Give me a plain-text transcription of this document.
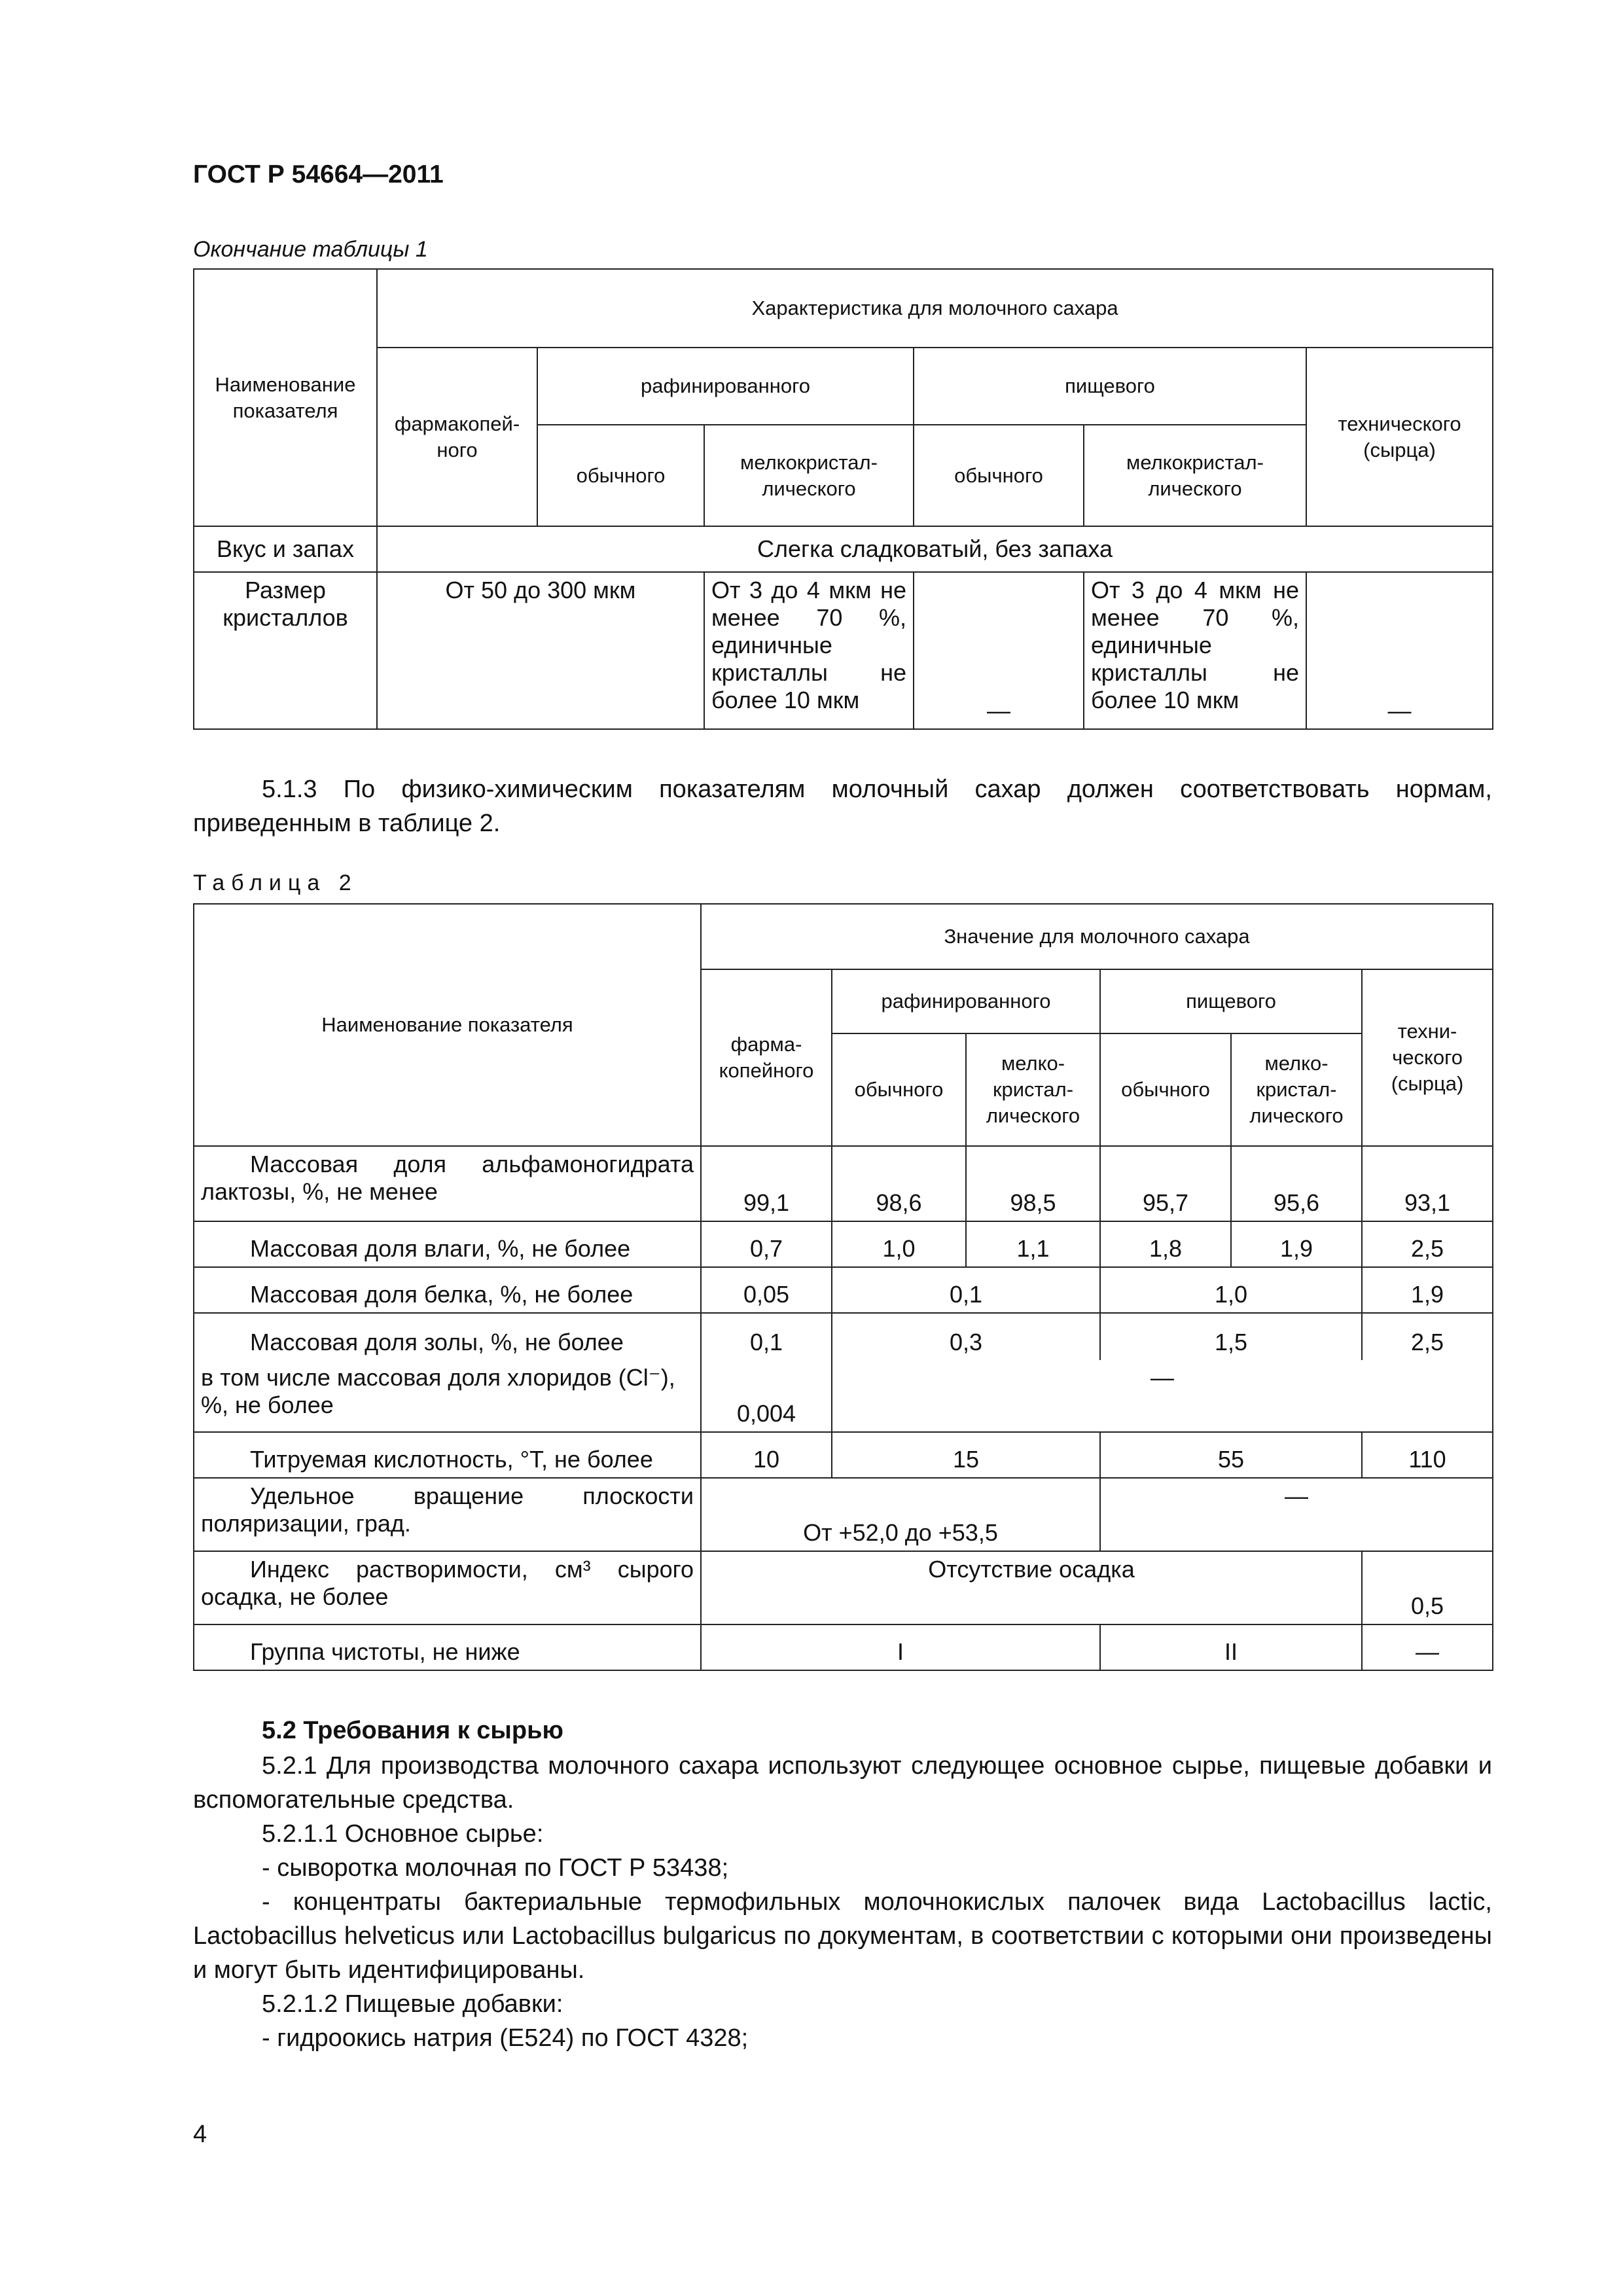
ГОСТ Р 54664—2011
Окончание таблицы 1
Наименование показателя	Характеристика для молочного сахара					
	фармакопей-ного	рафинированного		пищевого		технического (сырца)
		обычного	мелкокристал-лического	обычного	мелкокристал-лического	
Вкус и запах	Слегка сладковатый, без запаха					
Размер кристаллов	От 50 до 300 мкм		От 3 до 4 мкм не менее 70 %, единичные кристаллы не более 10 мкм	—	От 3 до 4 мкм не менее 70 %, единичные кристаллы не более 10 мкм	—
5.1.3 По физико-химическим показателям молочный сахар должен соответствовать нормам, приведенным в таблице 2.
Таблица 2
Наименование показателя	Значение для молочного сахара					
	фарма-копейного	рафинированного		пищевого		техни-ческого (сырца)
		обычного	мелко-кристал-лического	обычного	мелко-кристал-лического	
Массовая доля альфамоногидрата лактозы, %, не менее	99,1	98,6	98,5	95,7	95,6	93,1
Массовая доля влаги, %, не более	0,7	1,0	1,1	1,8	1,9	2,5
Массовая доля белка, %, не более	0,05	0,1		1,0		1,9
Массовая доля золы, %, не более	0,1	0,3		1,5		2,5
в том числе массовая доля хлоридов (Cl⁻), %, не более	0,004	—				
Титруемая кислотность, °Т, не более	10	15		55		110
Удельное вращение плоскости поляризации, град.	От +52,0 до +53,5			—		
Индекс растворимости, см³ сырого осадка, не более	Отсутствие осадка					0,5
Группа чистоты, не ниже	I			II		—
5.2 Требования к сырью
5.2.1 Для производства молочного сахара используют следующее основное сырье, пищевые добавки и вспомогательные средства.
5.2.1.1 Основное сырье:
- сыворотка молочная по ГОСТ Р 53438;
- концентраты бактериальные термофильных молочнокислых палочек вида Lactobacillus lactic, Lactobacillus helveticus или Lactobacillus bulgaricus по документам, в соответствии с которыми они произведены и могут быть идентифицированы.
5.2.1.2 Пищевые добавки:
- гидроокись натрия (Е524) по ГОСТ 4328;
4
